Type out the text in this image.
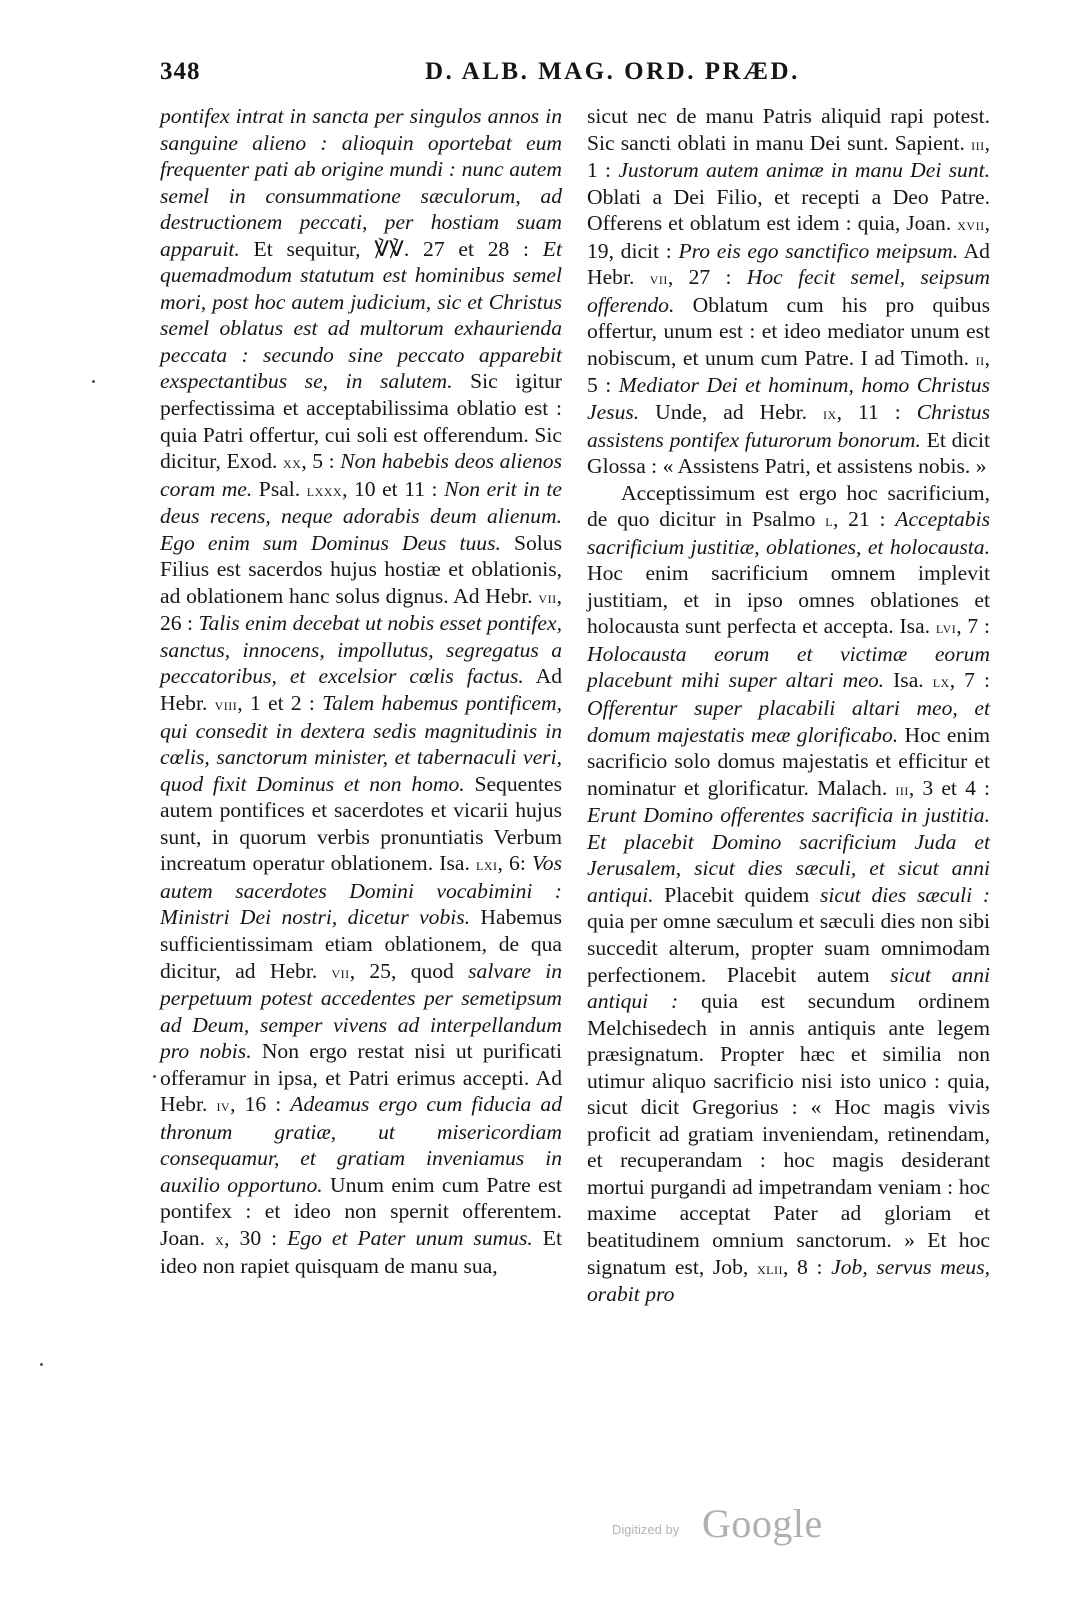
348	D. ALB. MAG. ORD. PRÆD.

pontifex intrat in sancta per singulos annos in sanguine alieno : alioquin oportebat eum frequenter pati ab origine mundi : nunc autem semel in consummatione sæculorum, ad destructionem peccati, per hostiam suam apparuit. Et sequitur, ℣℣. 27 et 28 : Et quemadmodum statutum est hominibus semel mori, post hoc autem judicium, sic et Christus semel oblatus est ad multorum exhaurienda peccata : secundo sine peccato apparebit exspectantibus se, in salutem. Sic igitur perfectissima et acceptabilissima oblatio est : quia Patri offertur, cui soli est offerendum. Sic dicitur, Exod. xx, 5 : Non habebis deos alienos coram me. Psal. lxxx, 10 et 11 : Non erit in te deus recens, neque adorabis deum alienum. Ego enim sum Dominus Deus tuus. Solus Filius est sacerdos hujus hostiæ et oblationis, ad oblationem hanc solus dignus. Ad Hebr. vii, 26 : Talis enim decebat ut nobis esset pontifex, sanctus, innocens, impollutus, segregatus a peccatoribus, et excelsior cœlis factus. Ad Hebr. viii, 1 et 2 : Talem habemus pontificem, qui consedit in dextera sedis magnitudinis in cœlis, sanctorum minister, et tabernaculi veri, quod fixit Dominus et non homo. Sequentes autem pontifices et sacerdotes et vicarii hujus sunt, in quorum verbis pronuntiatis Verbum increatum operatur oblationem. Isa. lxi, 6: Vos autem sacerdotes Domini vocabimini : Ministri Dei nostri, dicetur vobis. Habemus sufficientissimam etiam oblationem, de qua dicitur, ad Hebr. vii, 25, quod salvare in perpetuum potest accedentes per semetipsum ad Deum, semper vivens ad interpellandum pro nobis. Non ergo restat nisi ut purificati offeramur in ipsa, et Patri erimus accepti. Ad Hebr. iv, 16 : Adeamus ergo cum fiducia ad thronum gratiæ, ut misericordiam consequamur, et gratiam inveniamus in auxilio opportuno. Unum enim cum Patre est pontifex : et ideo non spernit offerentem. Joan. x, 30 : Ego et Pater unum sumus. Et ideo non rapiet quisquam de manu sua,

sicut nec de manu Patris aliquid rapi potest. Sic sancti oblati in manu Dei sunt. Sapient. iii, 1 : Justorum autem animæ in manu Dei sunt. Oblati a Dei Filio, et recepti a Deo Patre. Offerens et oblatum est idem : quia, Joan. xvii, 19, dicit : Pro eis ego sanctifico meipsum. Ad Hebr. vii, 27 : Hoc fecit semel, seipsum offerendo. Oblatum cum his pro quibus offertur, unum est : et ideo mediator unum est nobiscum, et unum cum Patre. I ad Timoth. ii, 5 : Mediator Dei et hominum, homo Christus Jesus. Unde, ad Hebr. ix, 11 : Christus assistens pontifex futurorum bonorum. Et dicit Glossa : « Assistens Patri, et assistens nobis. »

Acceptissimum est ergo hoc sacrificium, de quo dicitur in Psalmo l, 21 : Acceptabis sacrificium justitiæ, oblationes, et holocausta. Hoc enim sacrificium omnem implevit justitiam, et in ipso omnes oblationes et holocausta sunt perfecta et accepta. Isa. lvi, 7 : Holocausta eorum et victimæ eorum placebunt mihi super altari meo. Isa. lx, 7 : Offerentur super placabili altari meo, et domum majestatis meæ glorificabo. Hoc enim sacrificio solo domus majestatis et efficitur et nominatur et glorificatur. Malach. iii, 3 et 4 : Erunt Domino offerentes sacrificia in justitia. Et placebit Domino sacrificium Juda et Jerusalem, sicut dies sæculi, et sicut anni antiqui. Placebit quidem sicut dies sæculi : quia per omne sæculum et sæculi dies non sibi succedit alterum, propter suam omnimodam perfectionem. Placebit autem sicut anni antiqui : quia est secundum ordinem Melchisedech in annis antiquis ante legem præsignatum. Propter hæc et similia non utimur aliquo sacrificio nisi isto unico : quia, sicut dicit Gregorius : « Hoc magis vivis proficit ad gratiam inveniendam, retinendam, et recuperandam : hoc magis desiderant mortui purgandi ad impetrandam veniam : hoc maxime acceptat Pater ad gloriam et beatitudinem omnium sanctorum. » Et hoc signatum est, Job, xlii, 8 : Job, servus meus, orabit pro

Digitized by Google
